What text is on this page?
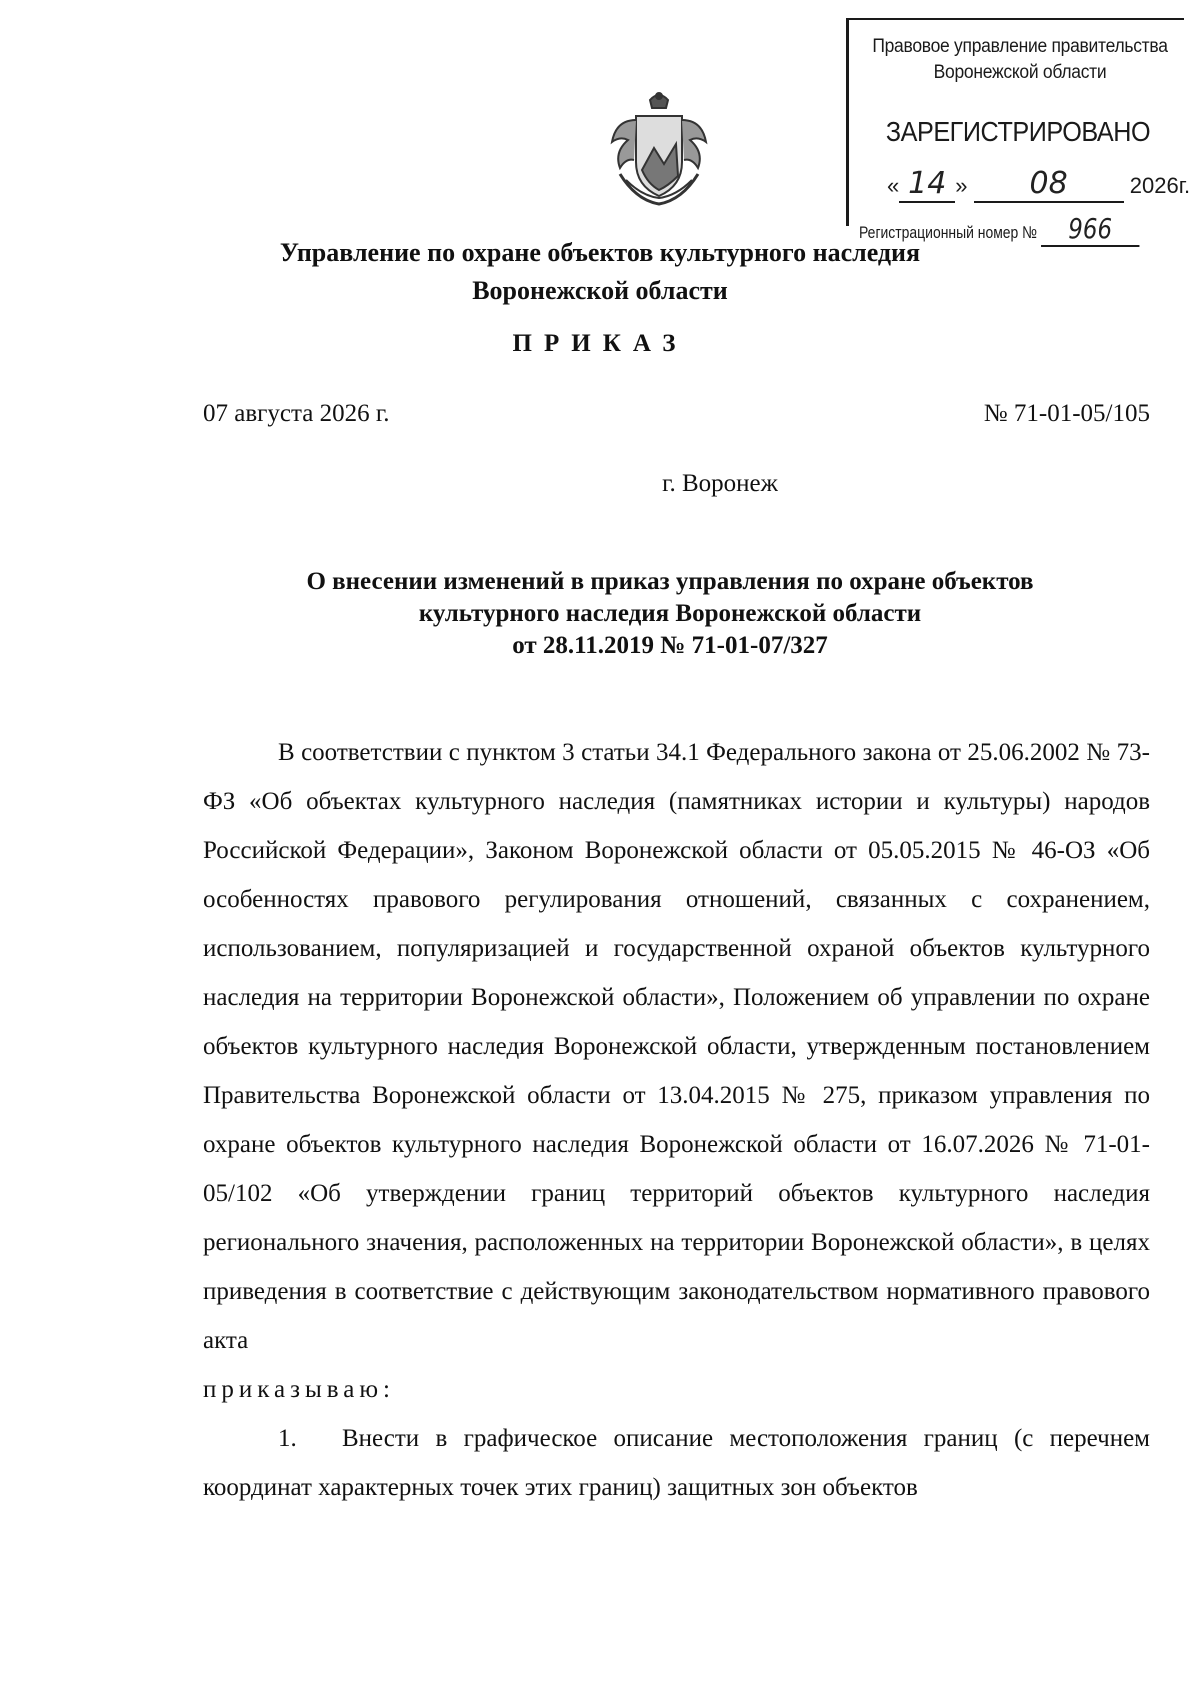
Правовое управление правительства
Воронежской области
ЗАРЕГИСТРИРОВАНО
« 14 » 08	2026г.
Регистрационный номер № 966
Управление по охране объектов культурного наследия
Воронежской области
ПРИКАЗ
07 августа 2026 г.	№ 71-01-05/105
г. Воронеж
О внесении изменений в приказ управления по охране объектов
культурного наследия Воронежской области
от 28.11.2019 № 71-01-07/327

В соответствии с пунктом 3 статьи 34.1 Федерального закона от 25.06.2002 № 73-ФЗ «Об объектах культурного наследия (памятниках истории и культуры) народов Российской Федерации», Законом Воронежской области от 05.05.2015 № 46-ОЗ «Об особенностях правового регулирования отношений, связанных с сохранением, использованием, популяризацией и государственной охраной объектов культурного наследия на территории Воронежской области», Положением об управлении по охране объектов культурного наследия Воронежской области, утвержденным постановлением Правительства Воронежской области от 13.04.2015 № 275, приказом управления по охране объектов культурного наследия Воронежской области от 16.07.2026 № 71-01-05/102 «Об утверждении границ территорий объектов культурного наследия регионального значения, расположенных на территории Воронежской области», в целях приведения в соответствие с действующим законодательством нормативного правового акта

приказываю:

1. Внести в графическое описание местоположения границ (с перечнем координат характерных точек этих границ) защитных зон объектов
